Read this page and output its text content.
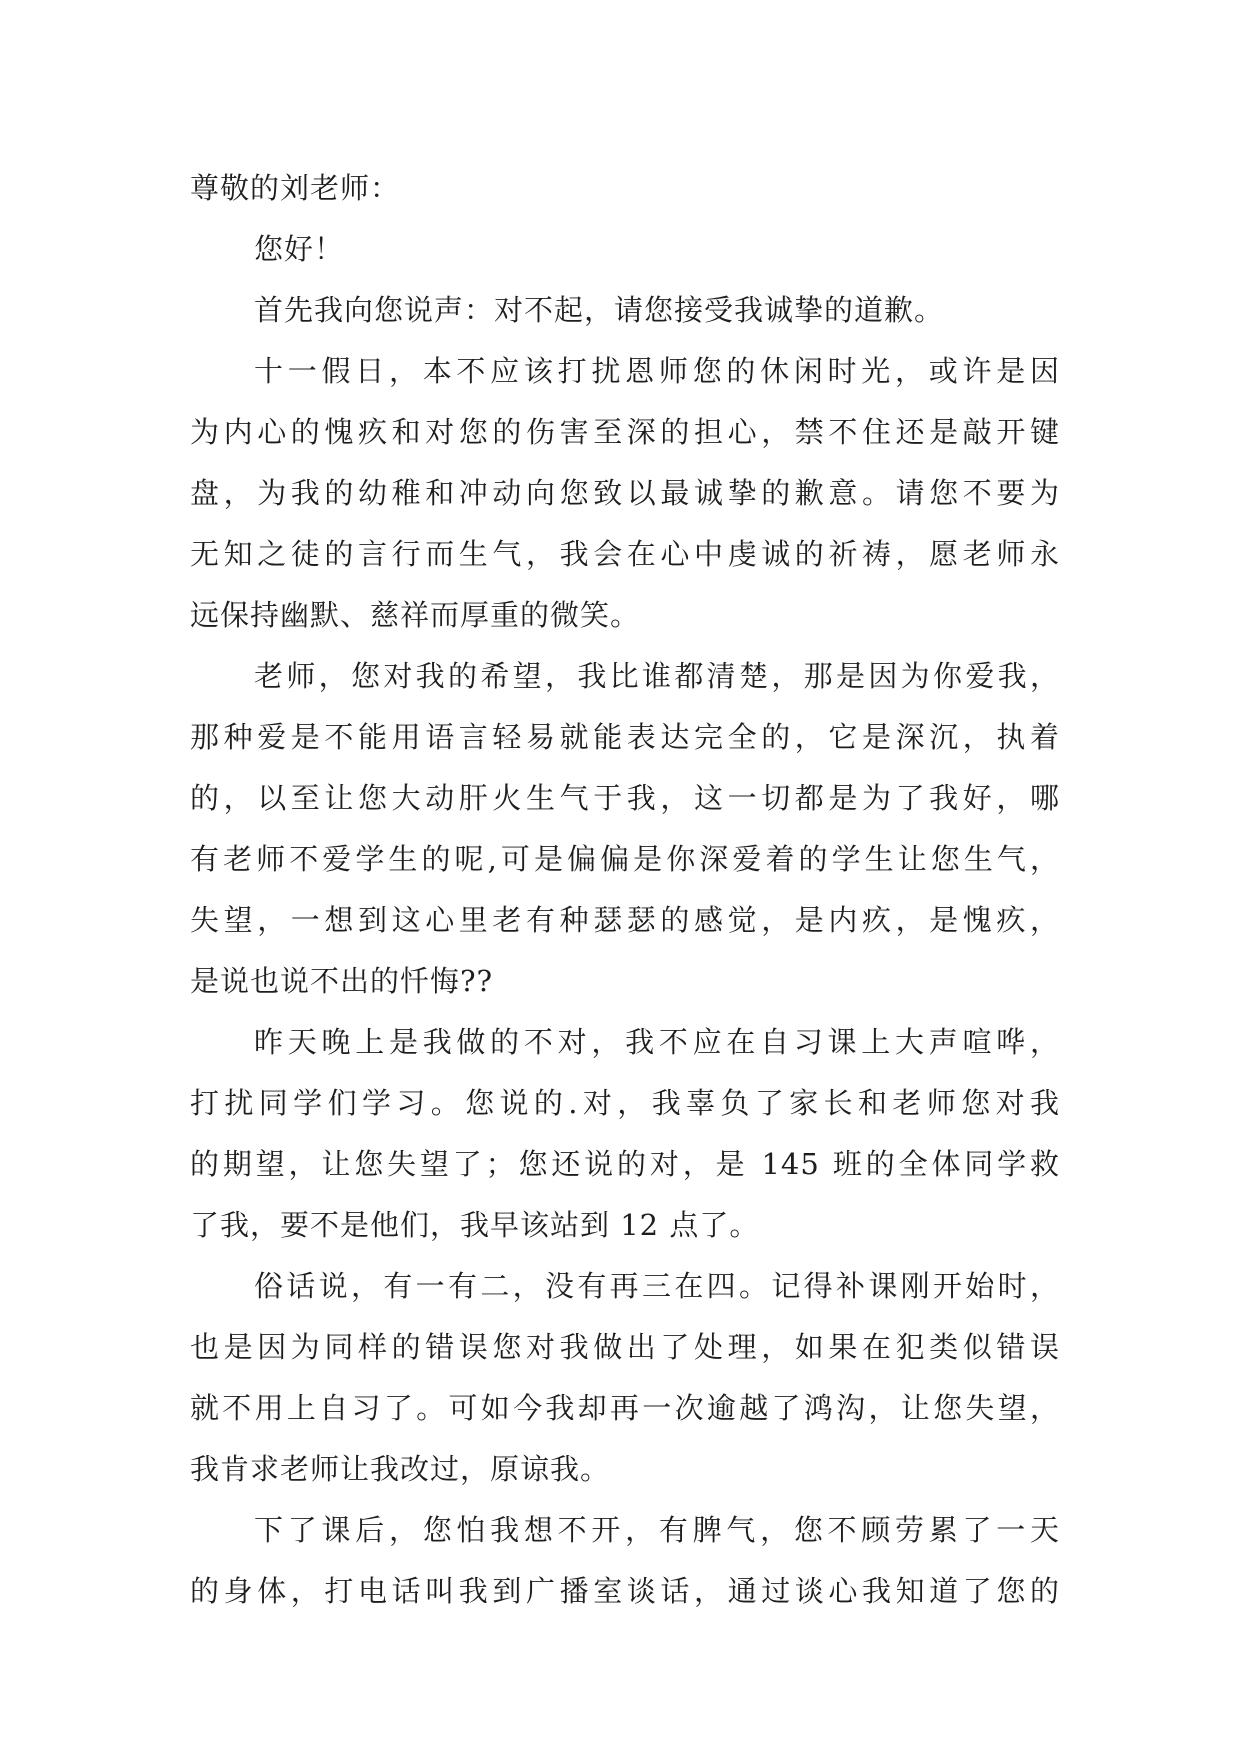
尊敬的刘老师：
您好！
首先我向您说声：对不起，请您接受我诚挚的道歉。
十一假日，本不应该打扰恩师您的休闲时光，或许是因
为内心的愧疚和对您的伤害至深的担心，禁不住还是敲开键
盘，为我的幼稚和冲动向您致以最诚挚的歉意。请您不要为
无知之徒的言行而生气，我会在心中虔诚的祈祷，愿老师永
远保持幽默、慈祥而厚重的微笑。
老师，您对我的希望，我比谁都清楚，那是因为你爱我，
那种爱是不能用语言轻易就能表达完全的，它是深沉，执着
的，以至让您大动肝火生气于我，这一切都是为了我好，哪
有老师不爱学生的呢,可是偏偏是你深爱着的学生让您生气，
失望，一想到这心里老有种瑟瑟的感觉，是内疚，是愧疚，
是说也说不出的忏悔??
昨天晚上是我做的不对，我不应在自习课上大声喧哗，
打扰同学们学习。您说的.对，我辜负了家长和老师您对我
的期望，让您失望了；您还说的对，是 145 班的全体同学救
了我，要不是他们，我早该站到 12 点了。
俗话说，有一有二，没有再三在四。记得补课刚开始时，
也是因为同样的错误您对我做出了处理，如果在犯类似错误
就不用上自习了。可如今我却再一次逾越了鸿沟，让您失望，
我肯求老师让我改过，原谅我。
下了课后，您怕我想不开，有脾气，您不顾劳累了一天
的身体，打电话叫我到广播室谈话，通过谈心我知道了您的
